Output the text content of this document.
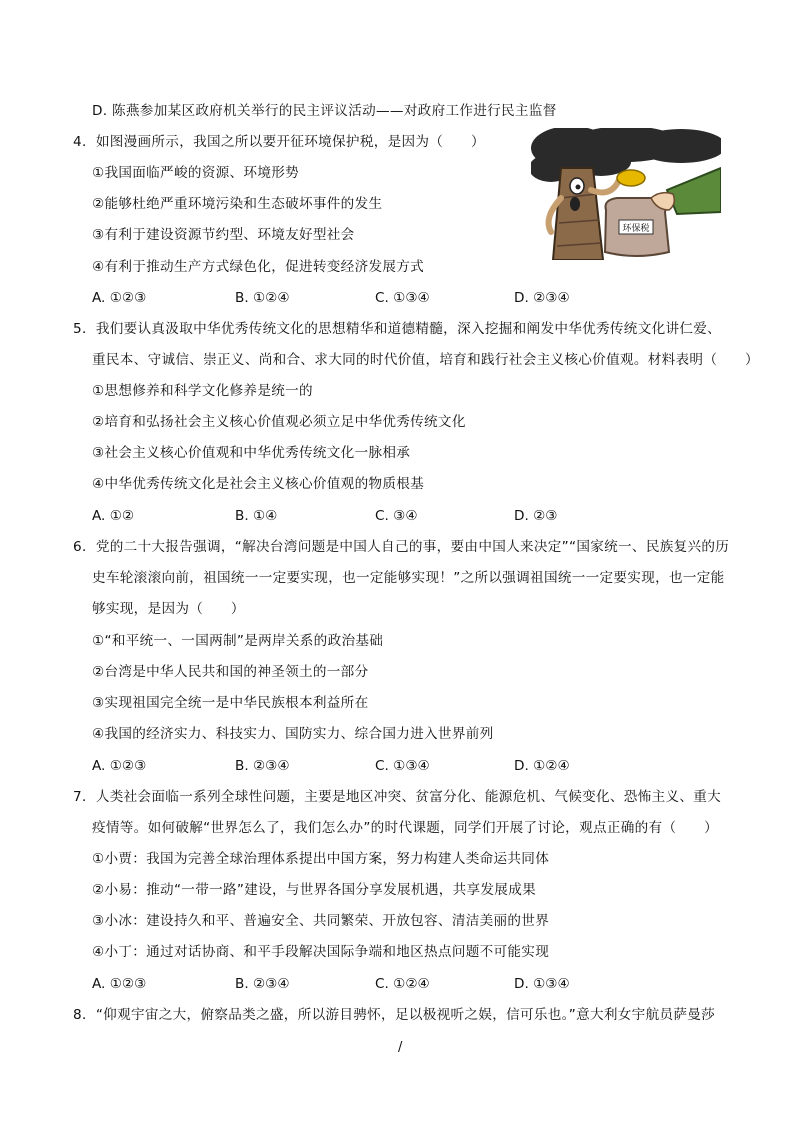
D. 陈燕参加某区政府机关举行的民主评议活动——对政府工作进行民主监督
4．如图漫画所示，我国之所以要开征环境保护税，是因为（　　）
①我国面临严峻的资源、环境形势
②能够杜绝严重环境污染和生态破坏事件的发生
③有利于建设资源节约型、环境友好型社会
④有利于推动生产方式绿色化，促进转变经济发展方式
A. ①②③	B. ①②④	C. ①③④	D. ②③④
环保税
5．我们要认真汲取中华优秀传统文化的思想精华和道德精髓，深入挖掘和阐发中华优秀传统文化讲仁爱、
重民本、守诚信、崇正义、尚和合、求大同的时代价值，培育和践行社会主义核心价值观。材料表明（　　）
①思想修养和科学文化修养是统一的
②培育和弘扬社会主义核心价值观必须立足中华优秀传统文化
③社会主义核心价值观和中华优秀传统文化一脉相承
④中华优秀传统文化是社会主义核心价值观的物质根基
A. ①②	B. ①④	C. ③④	D. ②③
6．党的二十大报告强调，“解决台湾问题是中国人自己的事，要由中国人来决定”“国家统一、民族复兴的历
史车轮滚滚向前，祖国统一一定要实现，也一定能够实现！”之所以强调祖国统一一定要实现，也一定能
够实现，是因为（　　）
①“和平统一、一国两制”是两岸关系的政治基础
②台湾是中华人民共和国的神圣领土的一部分
③实现祖国完全统一是中华民族根本利益所在
④我国的经济实力、科技实力、国防实力、综合国力进入世界前列
A. ①②③	B. ②③④	C. ①③④	D. ①②④
7．人类社会面临一系列全球性问题，主要是地区冲突、贫富分化、能源危机、气候变化、恐怖主义、重大
疫情等。如何破解“世界怎么了，我们怎么办”的时代课题，同学们开展了讨论，观点正确的有（　　）
①小贾：我国为完善全球治理体系提出中国方案，努力构建人类命运共同体
②小易：推动“一带一路”建设，与世界各国分享发展机遇，共享发展成果
③小冰：建设持久和平、普遍安全、共同繁荣、开放包容、清洁美丽的世界
④小丁：通过对话协商、和平手段解决国际争端和地区热点问题不可能实现
A. ①②③	B. ②③④	C. ①②④	D. ①③④
8．“仰观宇宙之大，俯察品类之盛，所以游目骋怀，足以极视听之娱，信可乐也。”意大利女宇航员萨曼莎
/
